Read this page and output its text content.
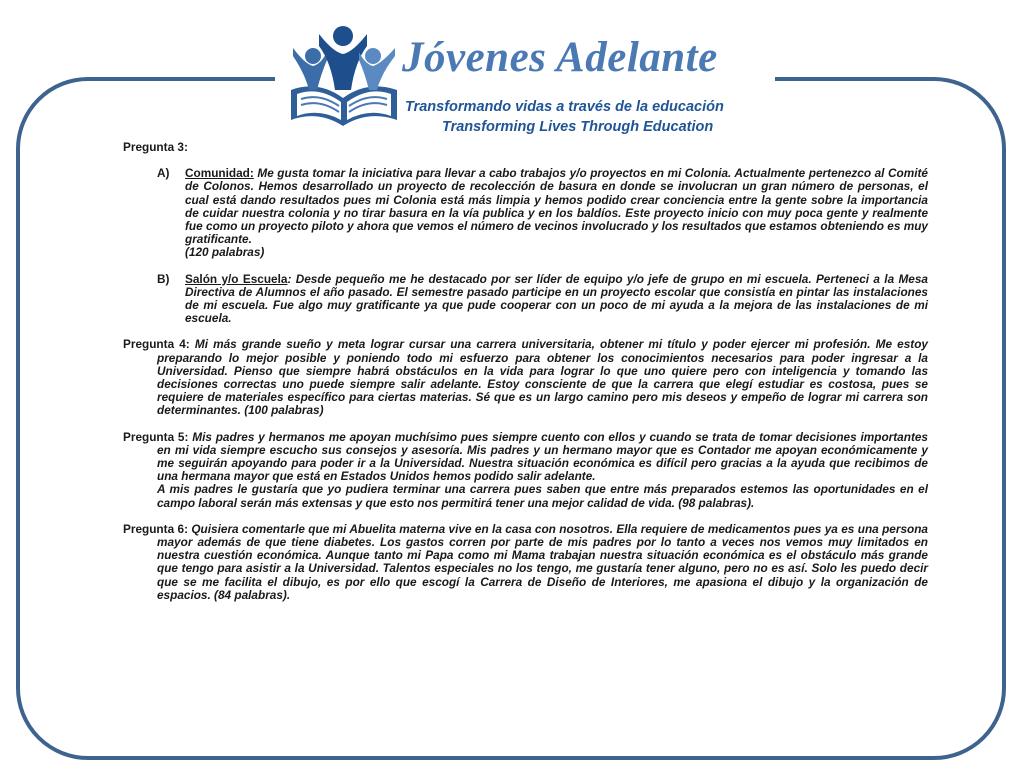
Jóvenes Adelante
Transformando vidas a través de la educación
Transforming Lives Through Education

Pregunta 3:

A) Comunidad: Me gusta tomar la iniciativa para llevar a cabo trabajos y/o proyectos en mi Colonia. Actualmente pertenezco al Comité de Colonos. Hemos desarrollado un proyecto de recolección de basura en donde se involucran un gran número de personas, el cual está dando resultados pues mi Colonia está más limpia y hemos podido crear conciencia entre la gente sobre la importancia de cuidar nuestra colonia y no tirar basura en la vía publica y en los baldíos. Este proyecto inicio con muy poca gente y realmente fue como un proyecto piloto y ahora que vemos el número de vecinos involucrado y los resultados que estamos obteniendo es muy gratificante.
(120 palabras)
B) Salón y/o Escuela: Desde pequeño me he destacado por ser líder de equipo y/o jefe de grupo en mi escuela. Perteneci a la Mesa Directiva de Alumnos el año pasado. El semestre pasado participe en un proyecto escolar que consistía en pintar las instalaciones de mi escuela. Fue algo muy gratificante ya que pude cooperar con un poco de mi ayuda a la mejora de las instalaciones de mi escuela.

Pregunta 4: Mi más grande sueño y meta lograr cursar una carrera universitaria, obtener mi título y poder ejercer mi profesión. Me estoy preparando lo mejor posible y poniendo todo mi esfuerzo para obtener los conocimientos necesarios para poder ingresar a la Universidad. Pienso que siempre habrá obstáculos en la vida para lograr lo que uno quiere pero con inteligencia y tomando las decisiones correctas uno puede siempre salir adelante. Estoy consciente de que la carrera que elegí estudiar es costosa, pues se requiere de materiales específico para ciertas materias. Sé que es un largo camino pero mis deseos y empeño de lograr mi carrera son determinantes. (100 palabras)

Pregunta 5: Mis padres y hermanos me apoyan muchísimo pues siempre cuento con ellos y cuando se trata de tomar decisiones importantes en mi vida siempre escucho sus consejos y asesoría. Mis padres y un hermano mayor que es Contador me apoyan económicamente y me seguirán apoyando para poder ir a la Universidad. Nuestra situación económica es difícil pero gracias a la ayuda que recibimos de una hermana mayor que está en Estados Unidos hemos podido salir adelante.
A mis padres le gustaría que yo pudiera terminar una carrera pues saben que entre más preparados estemos las oportunidades en el campo laboral serán más extensas y que esto nos permitirá tener una mejor calidad de vida. (98 palabras).

Pregunta 6: Quisiera comentarle que mi Abuelita materna vive en la casa con nosotros. Ella requiere de medicamentos pues ya es una persona mayor además de que tiene diabetes. Los gastos corren por parte de mis padres por lo tanto a veces nos vemos muy limitados en nuestra cuestión económica. Aunque tanto mi Papa como mi Mama trabajan nuestra situación económica es el obstáculo más grande que tengo para asistir a la Universidad. Talentos especiales no los tengo, me gustaría tener alguno, pero no es así. Solo les puedo decir que se me facilita el dibujo, es por ello que escogí la Carrera de Diseño de Interiores, me apasiona el dibujo y la organización de espacios. (84 palabras).
